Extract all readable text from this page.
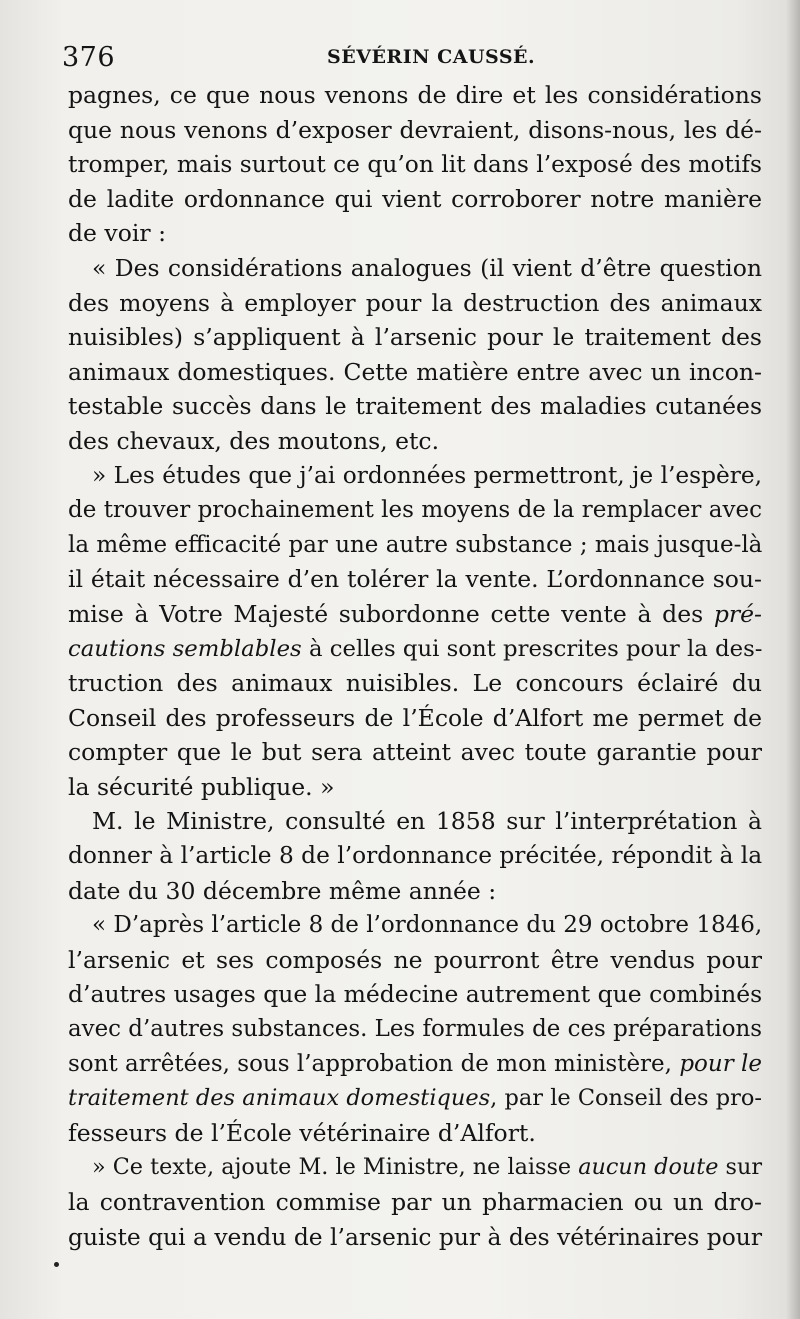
376	SÉVÉRIN CAUSSÉ.
pagnes, ce que nous venons de dire et les considérations
que nous venons d’exposer devraient, disons-nous, les dé-
tromper, mais surtout ce qu’on lit dans l’exposé des motifs
de ladite ordonnance qui vient corroborer notre manière
de voir :
« Des considérations analogues (il vient d’être question
des moyens à employer pour la destruction des animaux
nuisibles) s’appliquent à l’arsenic pour le traitement des
animaux domestiques. Cette matière entre avec un incon-
testable succès dans le traitement des maladies cutanées
des chevaux, des moutons, etc.
» Les études que j’ai ordonnées permettront, je l’espère,
de trouver prochainement les moyens de la remplacer avec
la même efficacité par une autre substance ; mais jusque-là
il était nécessaire d’en tolérer la vente. L’ordonnance sou-
mise à Votre Majesté subordonne cette vente à des pré-
cautions semblables à celles qui sont prescrites pour la des-
truction des animaux nuisibles. Le concours éclairé du
Conseil des professeurs de l’École d’Alfort me permet de
compter que le but sera atteint avec toute garantie pour
la sécurité publique. »
M. le Ministre, consulté en 1858 sur l’interprétation à
donner à l’article 8 de l’ordonnance précitée, répondit à la
date du 30 décembre même année :
« D’après l’article 8 de l’ordonnance du 29 octobre 1846,
l’arsenic et ses composés ne pourront être vendus pour
d’autres usages que la médecine autrement que combinés
avec d’autres substances. Les formules de ces préparations
sont arrêtées, sous l’approbation de mon ministère, pour le
traitement des animaux domestiques, par le Conseil des pro-
fesseurs de l’École vétérinaire d’Alfort.
» Ce texte, ajoute M. le Ministre, ne laisse aucun doute sur
la contravention commise par un pharmacien ou un dro-
guiste qui a vendu de l’arsenic pur à des vétérinaires pour
